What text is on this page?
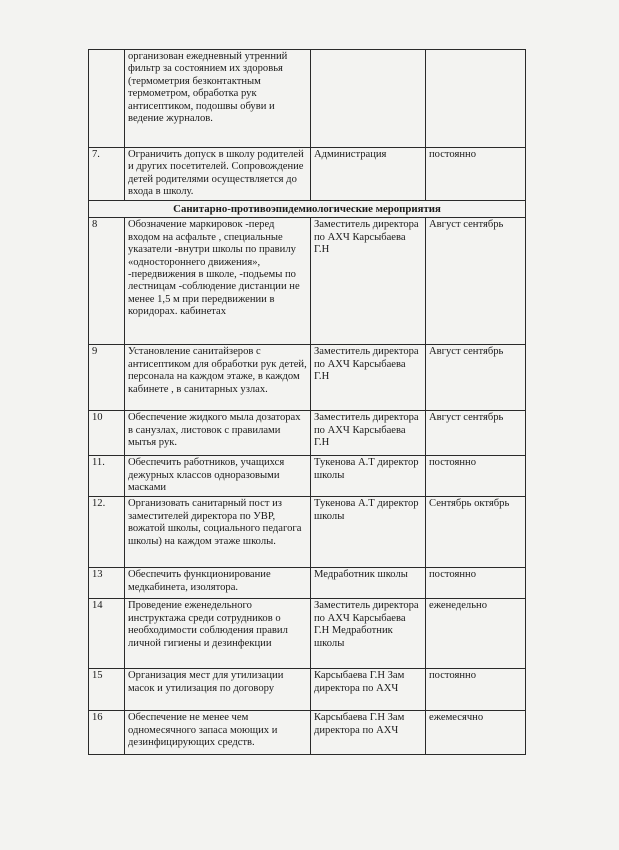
	организован ежедневный утренний фильтр за состоянием их здоровья (термометрия безконтактным термометром, обработка рук антисептиком, подошвы обуви и ведение журналов.		
7.	Ограничить допуск в школу родителей и других посетителей. Сопровождение детей родителями осуществляется до входа в школу.	Администрация	постоянно
Санитарно-противоэпидемиологические мероприятия			
8	Обозначение маркировок -перед входом на асфальте , специальные указатели -внутри школы по правилу «одностороннего движения», -передвижения в школе, -подьемы по лестницам -соблюдение дистанции не менее 1,5 м при передвижении в коридорах. кабинетах	Заместитель директора по АХЧ Карсыбаева Г.Н	Август сентябрь
9	Установление санитайзеров с антисептиком для обработки рук детей, персонала на каждом этаже, в каждом кабинете , в санитарных узлах.	Заместитель директора по АХЧ Карсыбаева Г.Н	Август сентябрь
10	Обеспечение жидкого мыла дозаторах в санузлах, листовок с правилами мытья рук.	Заместитель директора по АХЧ Карсыбаева Г.Н	Август сентябрь
11.	Обеспечить работников, учащихся дежурных классов одноразовыми масками	Тукенова А.Т директор школы	постоянно
12.	Организовать санитарный пост из заместителей директора по УВР, вожатой школы, социального педагога школы) на каждом этаже школы.	Тукенова А.Т директор школы	Сентябрь октябрь
13	Обеспечить функционирование медкабинета, изолятора.	Медработник школы	постоянно
14	Проведение еженедельного инструктажа среди сотрудников о необходимости соблюдения правил личной гигиены и дезинфекции	Заместитель директора по АХЧ Карсыбаева Г.Н Медработник школы	еженедельно
15	Организация мест для утилизации масок и утилизация по договору	Карсыбаева Г.Н Зам директора по АХЧ	постоянно
16	Обеспечение не менее чем одномесячного запаса моющих и дезинфицирующих средств.	Карсыбаева Г.Н Зам директора по АХЧ	ежемесячно
